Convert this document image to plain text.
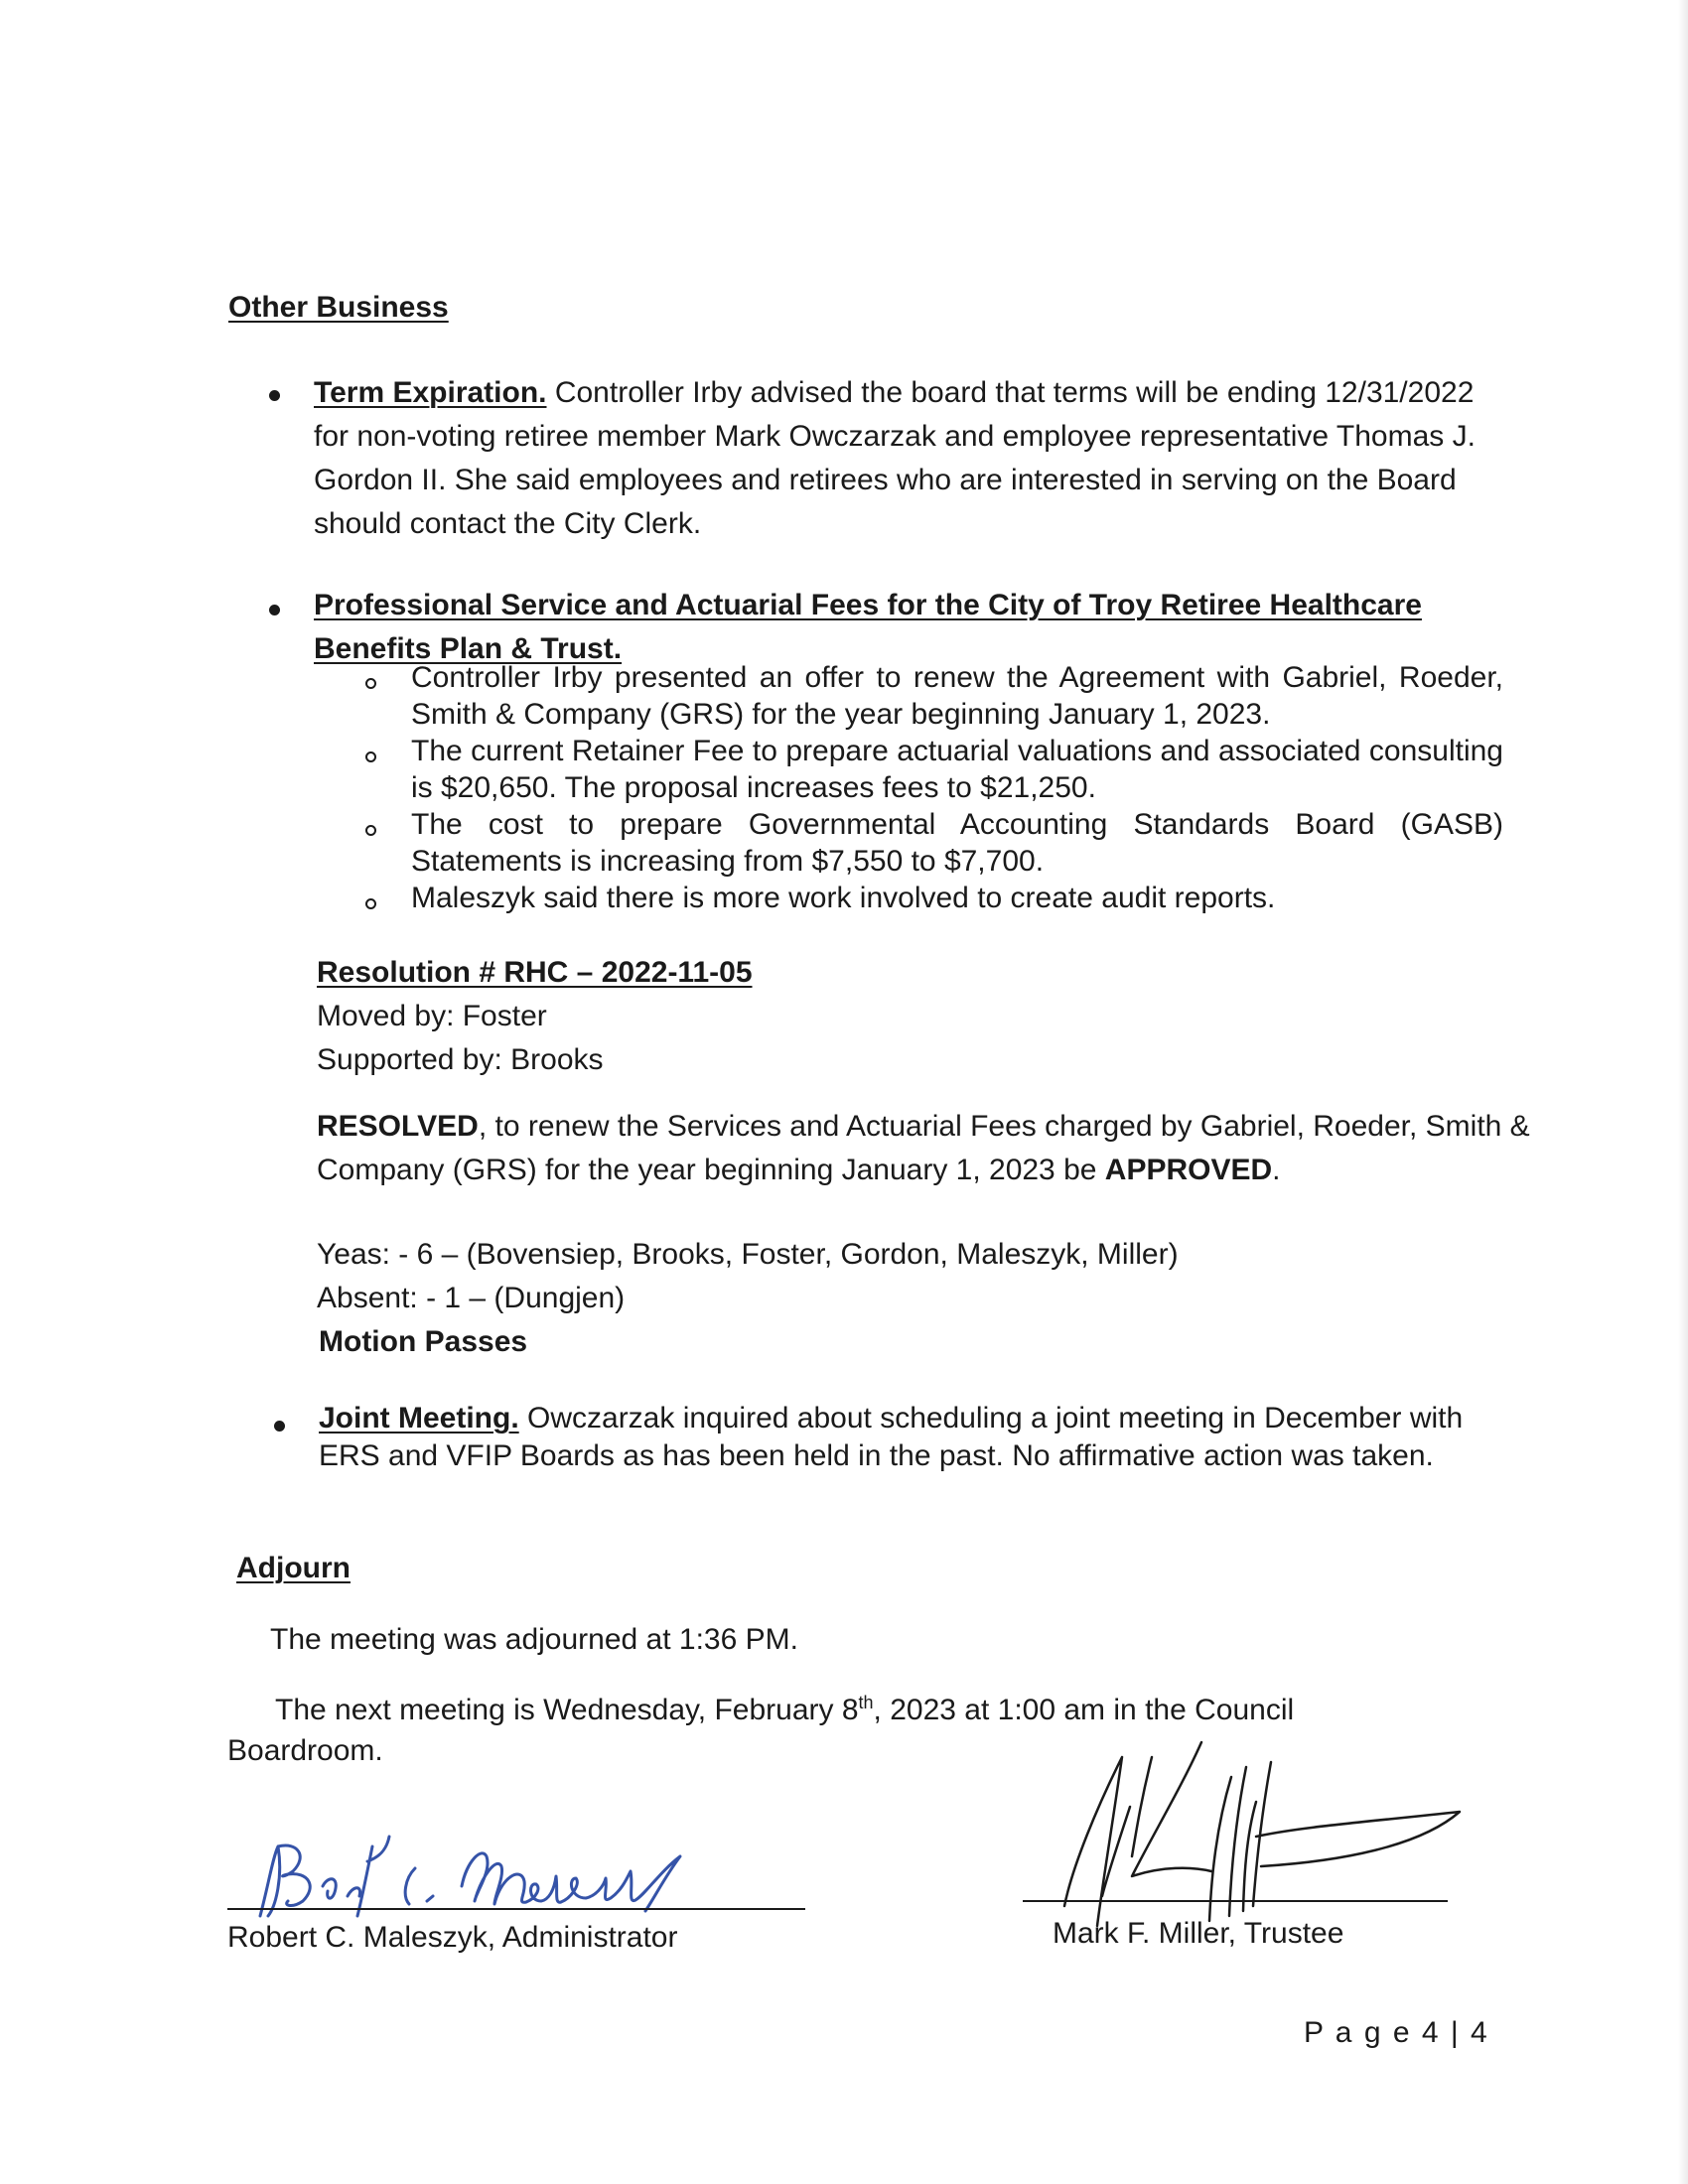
Other Business
Term Expiration. Controller Irby advised the board that terms will be ending 12/31/2022 for non-voting retiree member Mark Owczarzak and employee representative Thomas J. Gordon II. She said employees and retirees who are interested in serving on the Board should contact the City Clerk.
Professional Service and Actuarial Fees for the City of Troy Retiree Healthcare Benefits Plan & Trust.
Controller Irby presented an offer to renew the Agreement with Gabriel, Roeder, Smith & Company (GRS) for the year beginning January 1, 2023.
The current Retainer Fee to prepare actuarial valuations and associated consulting is $20,650. The proposal increases fees to $21,250.
The cost to prepare Governmental Accounting Standards Board (GASB) Statements is increasing from $7,550 to $7,700.
Maleszyk said there is more work involved to create audit reports.
Resolution # RHC – 2022-11-05
Moved by: Foster
Supported by: Brooks
RESOLVED, to renew the Services and Actuarial Fees charged by Gabriel, Roeder, Smith & Company (GRS) for the year beginning January 1, 2023 be APPROVED.
Yeas: - 6 – (Bovensiep, Brooks, Foster, Gordon, Maleszyk, Miller)
Absent: - 1 – (Dungjen)
Motion Passes
Joint Meeting. Owczarzak inquired about scheduling a joint meeting in December with ERS and VFIP Boards as has been held in the past. No affirmative action was taken.
Adjourn
The meeting was adjourned at 1:36 PM.
The next meeting is Wednesday, February 8th, 2023 at 1:00 am in the Council
Boardroom.
Robert C. Maleszyk, Administrator	Mark F. Miller, Trustee
P a g e 4 | 4
